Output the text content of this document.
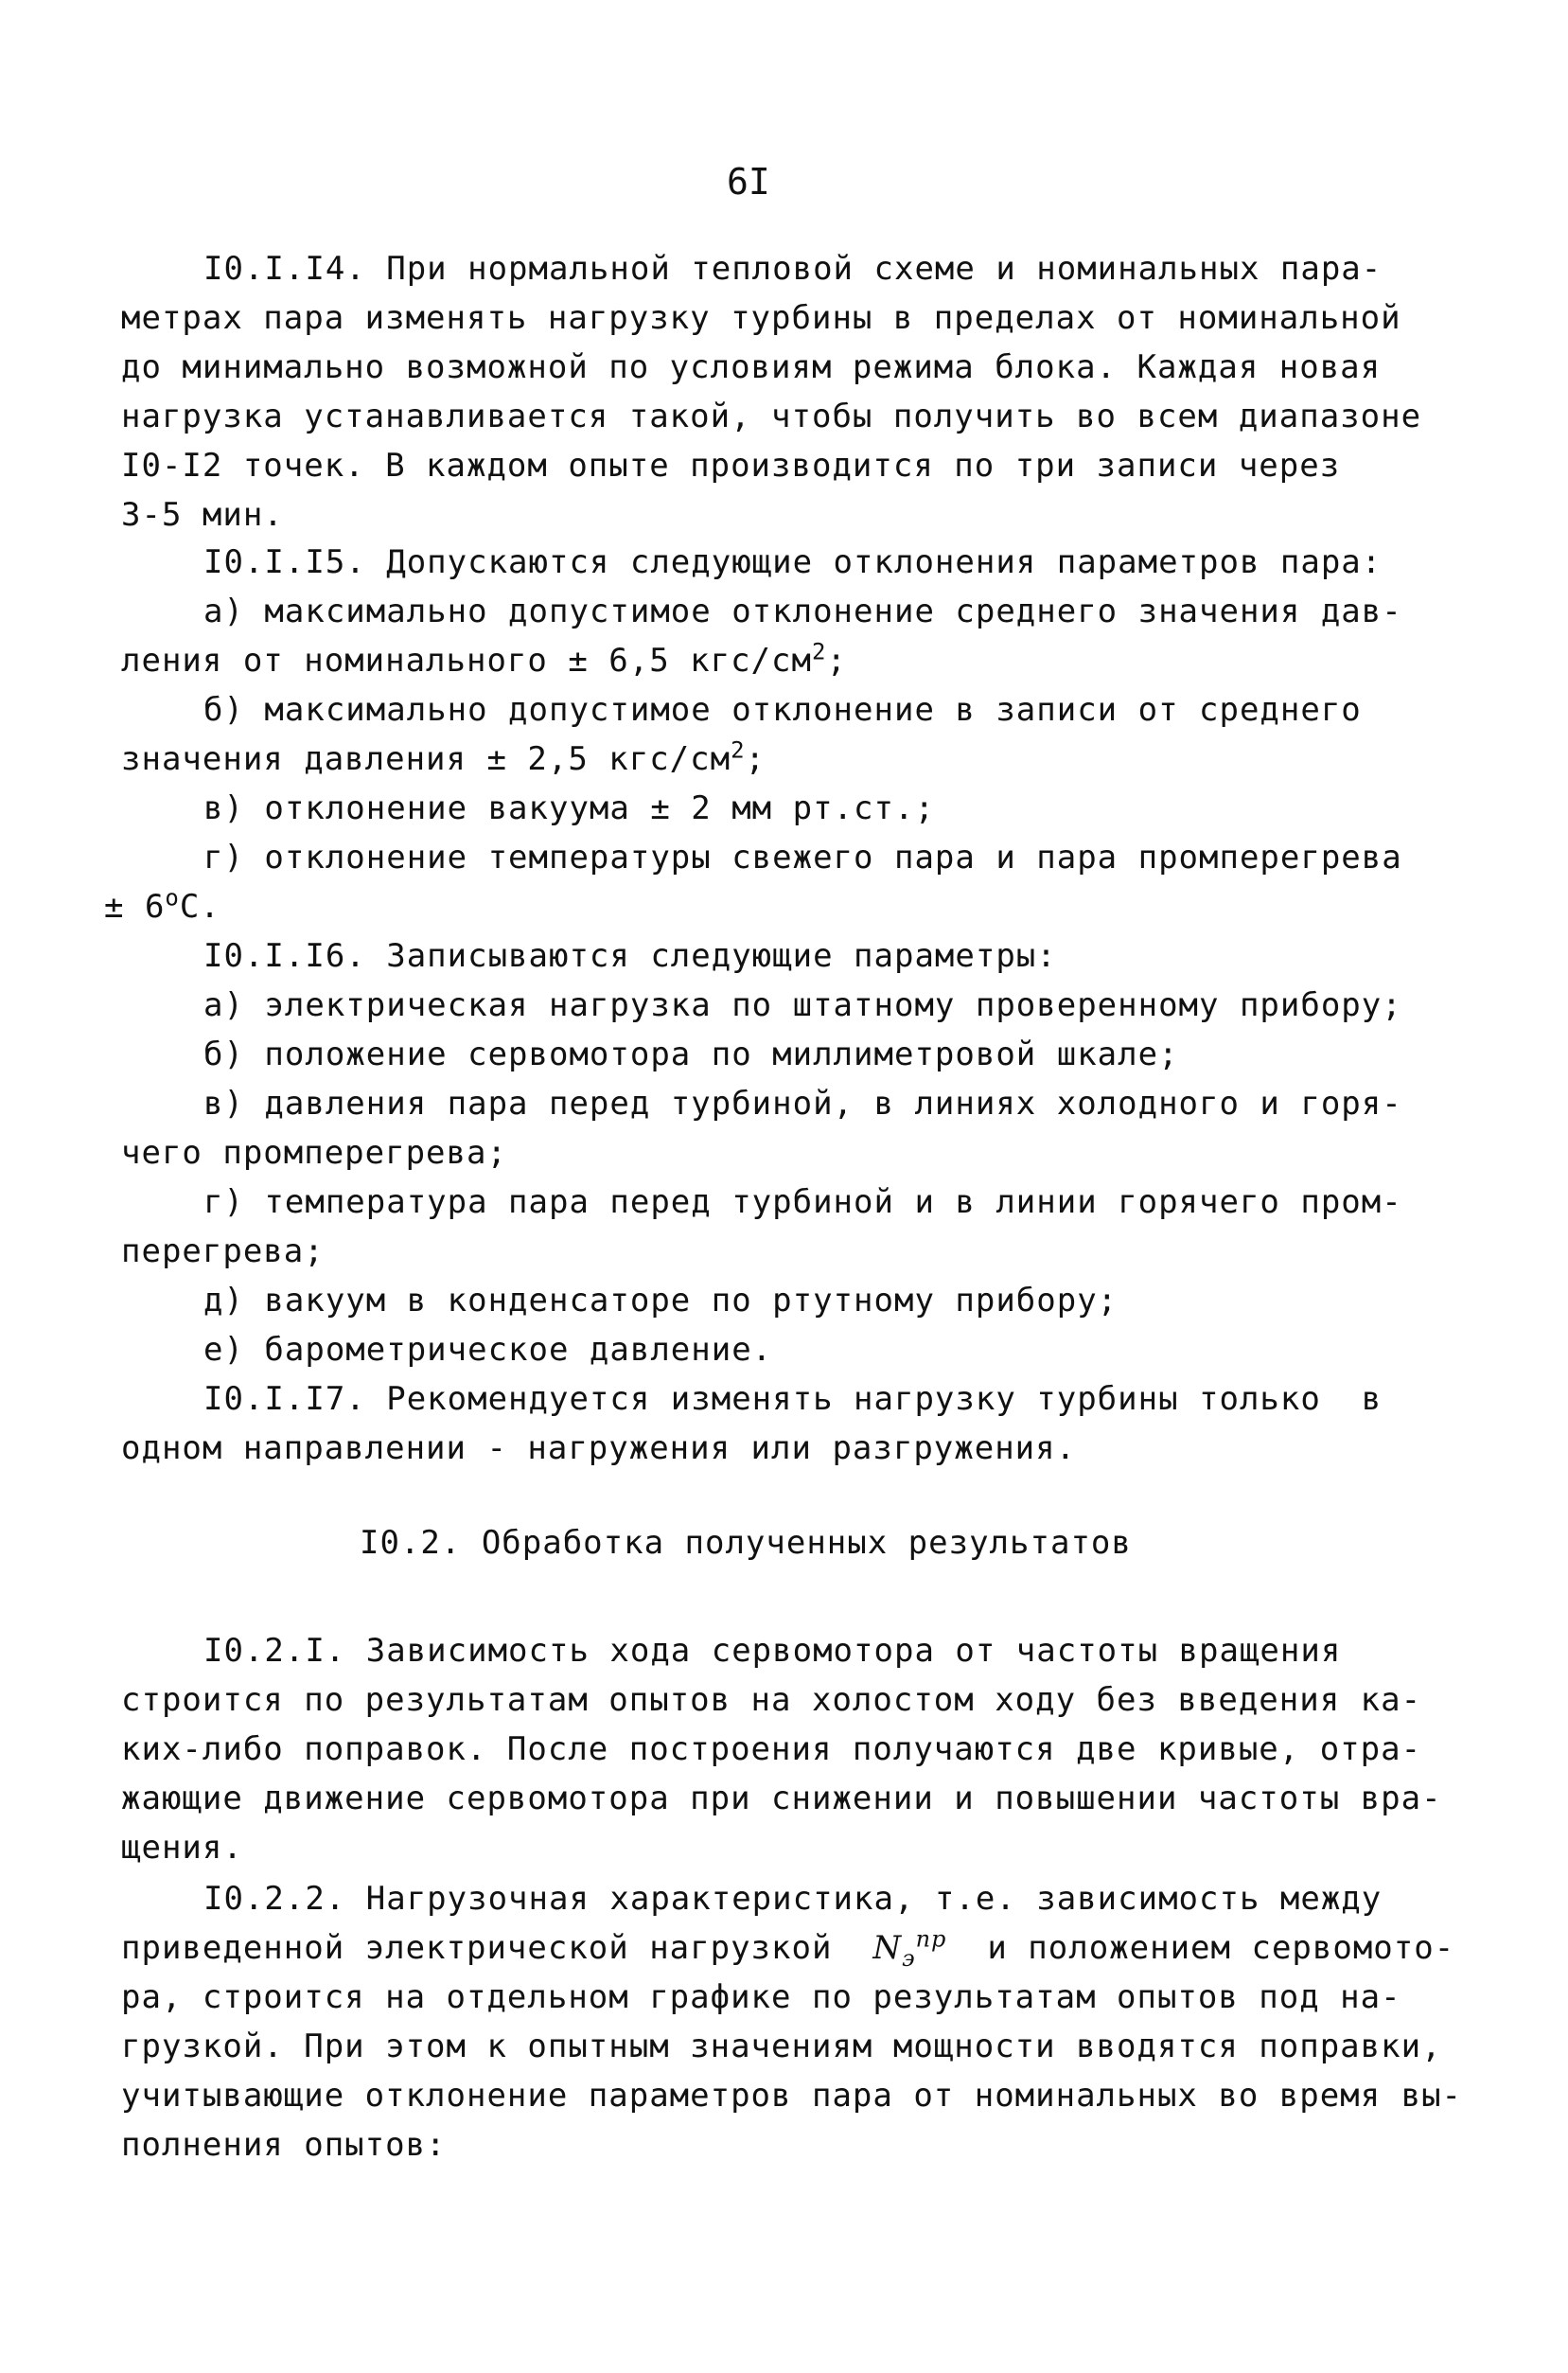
6I
I0.I.I4. При нормальной тепловой схеме и номинальных пара-
метрах пара изменять нагрузку турбины в пределах от номинальной
до минимально возможной по условиям режима блока. Каждая новая
нагрузка устанавливается такой, чтобы получить во всем диапазоне
I0-I2 точек. В каждом опыте производится по три записи через
3-5 мин.
I0.I.I5. Допускаются следующие отклонения параметров пара:
а) максимально допустимое отклонение среднего значения дав-
ления от номинального ± 6,5 кгс/$см^2$;
б) максимально допустимое отклонение в записи от среднего
значения давления ± 2,5 кгс/$см^2$;
в) отклонение вакуума ± 2 мм рт.ст.;
г) отклонение температуры свежего пара и пара промперегрева
± $6^оС$.
I0.I.I6. Записываются следующие параметры:
а) электрическая нагрузка по штатному проверенному прибору;
б) положение сервомотора по миллиметровой шкале;
в) давления пара перед турбиной, в линиях холодного и горя-
чего промперегрева;
г) температура пара перед турбиной и в линии горячего пром-
перегрева;
д) вакуум в конденсаторе по ртутному прибору;
е) барометрическое давление.
I0.I.I7. Рекомендуется изменять нагрузку турбины только  в
одном направлении - нагружения или разгружения.
I0.2. Обработка полученных результатов
I0.2.I. Зависимость хода сервомотора от частоты вращения
строится по результатам опытов на холостом ходу без введения ка-
ких-либо поправок. После построения получаются две кривые, отра-
жающие движение сервомотора при снижении и повышении частоты вра-
щения.
I0.2.2. Нагрузочная характеристика, т.е. зависимость между
приведенной электрической нагрузкой  $N_э^{пр}$  и положением сервомото-
ра, строится на отдельном графике по результатам опытов под на-
грузкой. При этом к опытным значениям мощности вводятся поправки,
учитывающие отклонение параметров пара от номинальных во время вы-
полнения опытов:
